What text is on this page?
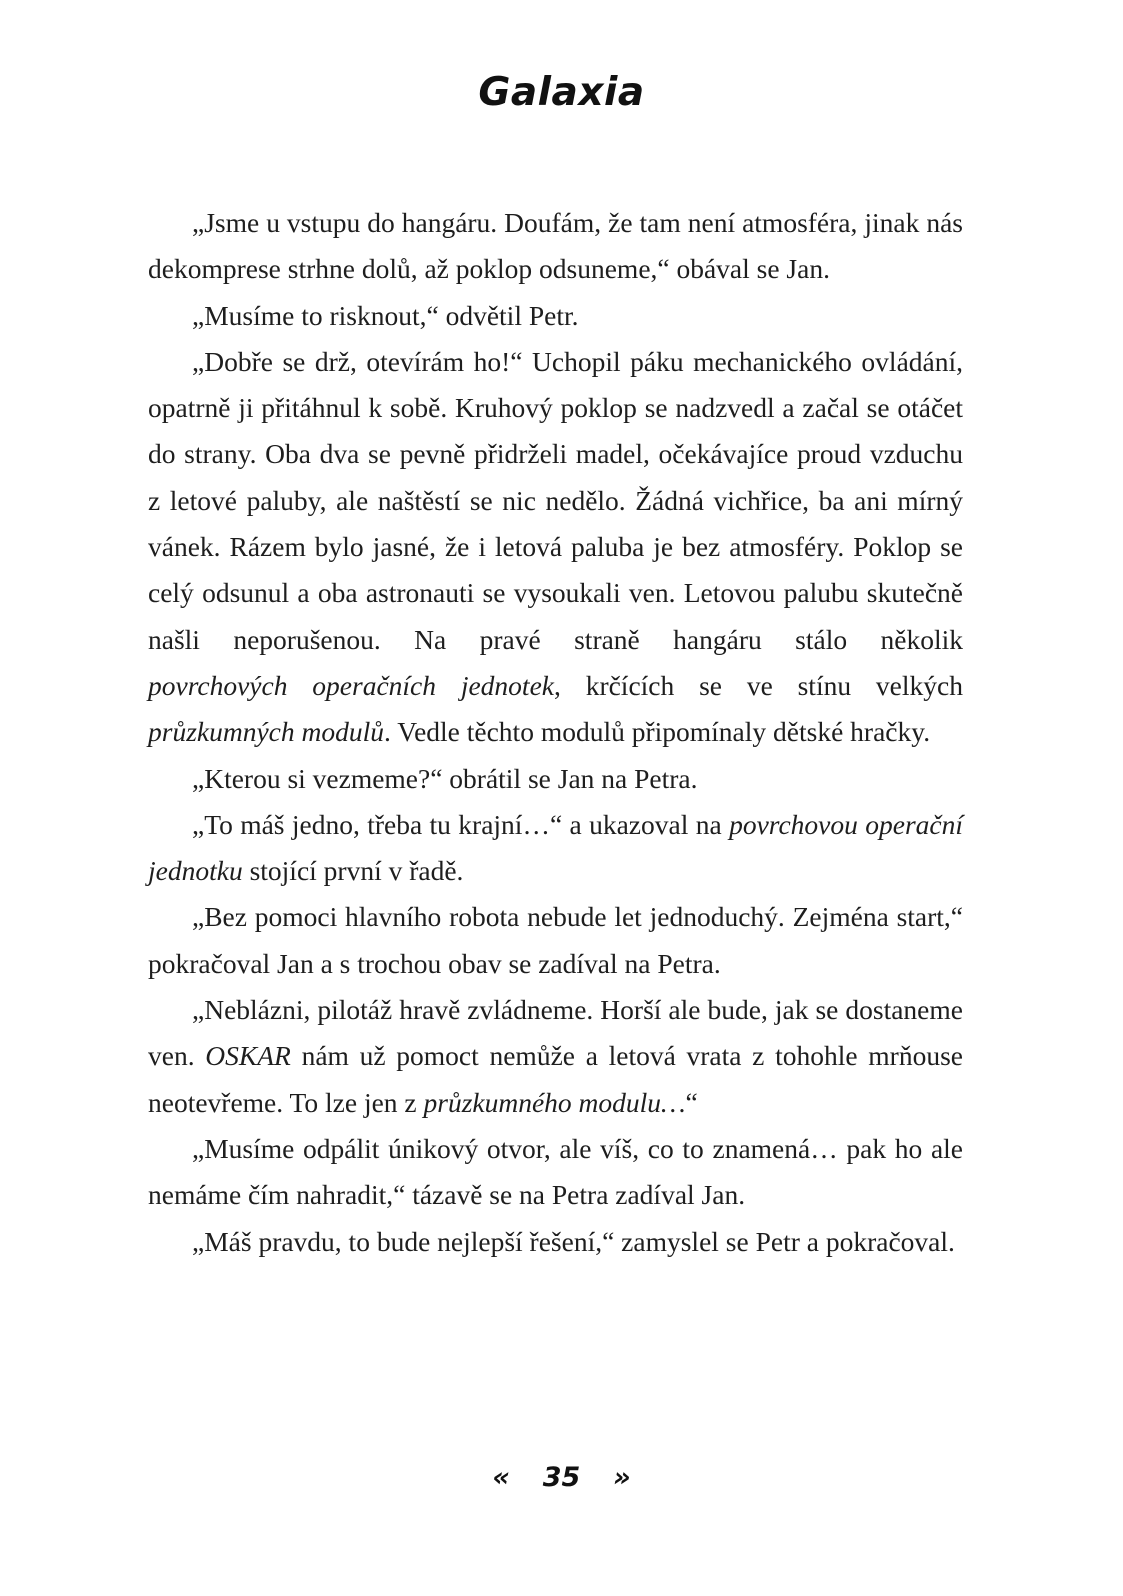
Galaxia

„Jsme u vstupu do hangáru. Doufám, že tam není atmosféra, jinak nás dekomprese strhne dolů, až poklop odsuneme,“ obával se Jan.

„Musíme to risknout,“ odvětil Petr.

„Dobře se drž, otevírám ho!“ Uchopil páku mechanického ovládání, opatrně ji přitáhnul k sobě. Kruhový poklop se nadzvedl a začal se otáčet do strany. Oba dva se pevně přidrželi madel, očekávajíce proud vzduchu z letové paluby, ale naštěstí se nic nedělo. Žádná vichřice, ba ani mírný vánek. Rázem bylo jasné, že i letová paluba je bez atmosféry. Poklop se celý odsunul a oba astronauti se vysoukali ven. Letovou palubu skutečně našli neporušenou. Na pravé straně hangáru stálo několik povrchových operačních jednotek, krčících se ve stínu velkých průzkumných modulů. Vedle těchto modulů připomínaly dětské hračky.

„Kterou si vezmeme?“ obrátil se Jan na Petra.

„To máš jedno, třeba tu krajní…“ a ukazoval na povrchovou operační jednotku stojící první v řadě.

„Bez pomoci hlavního robota nebude let jednoduchý. Zejména start,“ pokračoval Jan a s trochou obav se zadíval na Petra.

„Neblázni, pilotáž hravě zvládneme. Horší ale bude, jak se dostaneme ven. OSKAR nám už pomoct nemůže a letová vrata z tohohle mrňouse neotevřeme. To lze jen z průzkumného modulu…“

„Musíme odpálit únikový otvor, ale víš, co to znamená… pak ho ale nemáme čím nahradit,“ tázavě se na Petra zadíval Jan.

„Máš pravdu, to bude nejlepší řešení,“ zamyslel se Petr a pokračoval.

« 35 »
